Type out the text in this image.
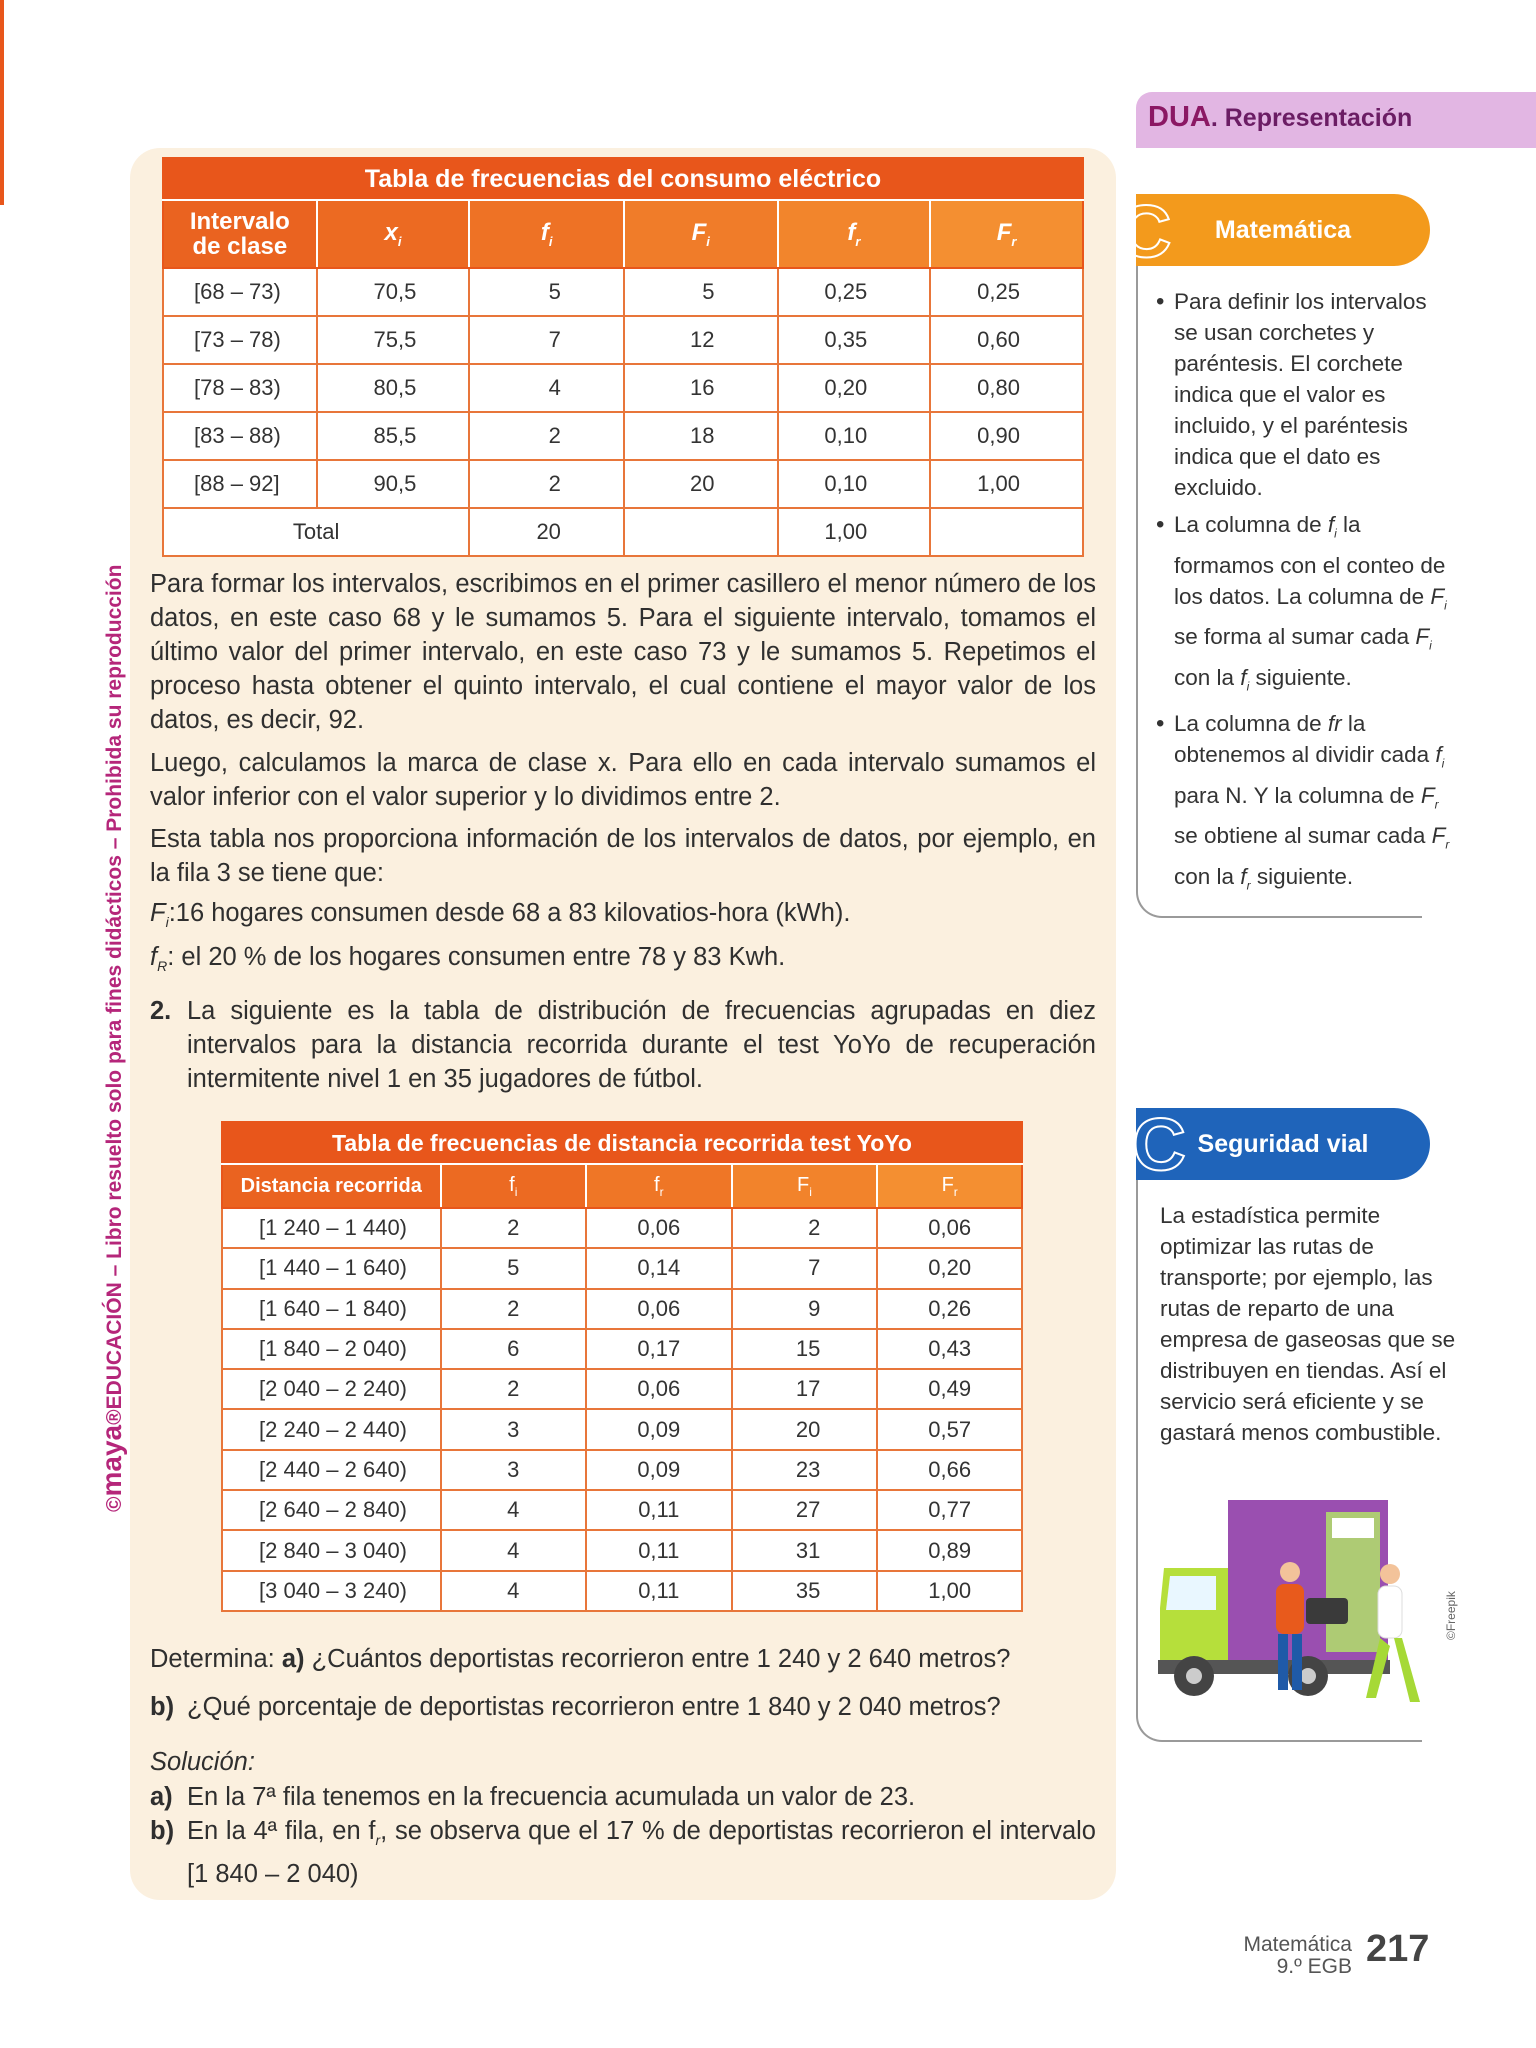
©maya®EDUCACIÓN – Libro resuelto solo para fines didácticos – Prohibida su reproducción
Tabla de frecuencias del consumo eléctrico					
Intervalo
de clase	$x_i$	$f_i$	$F_i$	$f_r$	$F_r$
[68 – 73)	70,5	5	5	0,25	0,25
[73 – 78)	75,5	7	12	0,35	0,60
[78 – 83)	80,5	4	16	0,20	0,80
[83 – 88)	85,5	2	18	0,10	0,90
[88 – 92]	90,5	2	20	0,10	1,00
Total		20		1,00	

Para formar los intervalos, escribimos en el primer casillero el menor número de los datos, en este caso 68 y le sumamos 5. Para el siguiente intervalo, tomamos el último valor del primer intervalo, en este caso 73 y le sumamos 5. Repetimos el proceso hasta obtener el quinto intervalo, el cual contiene el mayor valor de los datos, es decir, 92.

Luego, calculamos la marca de clase x. Para ello en cada intervalo sumamos el valor inferior con el valor superior y lo dividimos entre 2.

Esta tabla nos proporciona información de los intervalos de datos, por ejemplo, en la fila 3 se tiene que:

$F_i:16$ hogares consumen desde 68 a 83 kilovatios-hora (kWh).

$f_R$: el 20 % de los hogares consumen entre 78 y 83 Kwh.

2. La siguiente es la tabla de distribución de frecuencias agrupadas en diez intervalos para la distancia recorrida durante el test YoYo de recuperación intermitente nivel 1 en 35 jugadores de fútbol.
Tabla de frecuencias de distancia recorrida test YoYo				
Distancia recorrida	$f_i$	$f_r$	$F_i$	$F_r$
[1 240 – 1 440)	2	0,06	2	0,06
[1 440 – 1 640)	5	0,14	7	0,20
[1 640 – 1 840)	2	0,06	9	0,26
[1 840 – 2 040)	6	0,17	15	0,43
[2 040 – 2 240)	2	0,06	17	0,49
[2 240 – 2 440)	3	0,09	20	0,57
[2 440 – 2 640)	3	0,09	23	0,66
[2 640 – 2 840)	4	0,11	27	0,77
[2 840 – 3 040)	4	0,11	31	0,89
[3 040 – 3 240)	4	0,11	35	1,00

Determina: a) ¿Cuántos deportistas recorrieron entre 1 240 y 2 640 metros?

b) ¿Qué porcentaje de deportistas recorrieron entre 1 840 y 2 040 metros?

Solución:

a) En la 7ª fila tenemos en la frecuencia acumulada un valor de 23.
b) En la 4ª fila, en $f_r$, se observa que el 17 % de deportistas recorrieron el intervalo [1 840 – 2 040)
DUA. Representación
Matemática
C
• Para definir los intervalos se usan corchetes y paréntesis. El corchete indica que el valor es incluido, y el paréntesis indica que el dato es excluido.
• La columna de $f_i$ la formamos con el conteo de los datos. La columna de $F_i$ se forma al sumar cada $F_i$ con la $f_i$ siguiente.
• La columna de fr la obtenemos al dividir cada $f_i$ para N. Y la columna de $F_r$ se obtiene al sumar cada $F_r$ con la $f_r$ siguiente.
Seguridad vial
IC

La estadística permite optimizar las rutas de transporte; por ejemplo, las rutas de reparto de una empresa de gaseosas que se distribuyen en tiendas. Así el servicio será eficiente y se gastará menos combustible.

©Freepik
Matemática
9.º EGB 217
